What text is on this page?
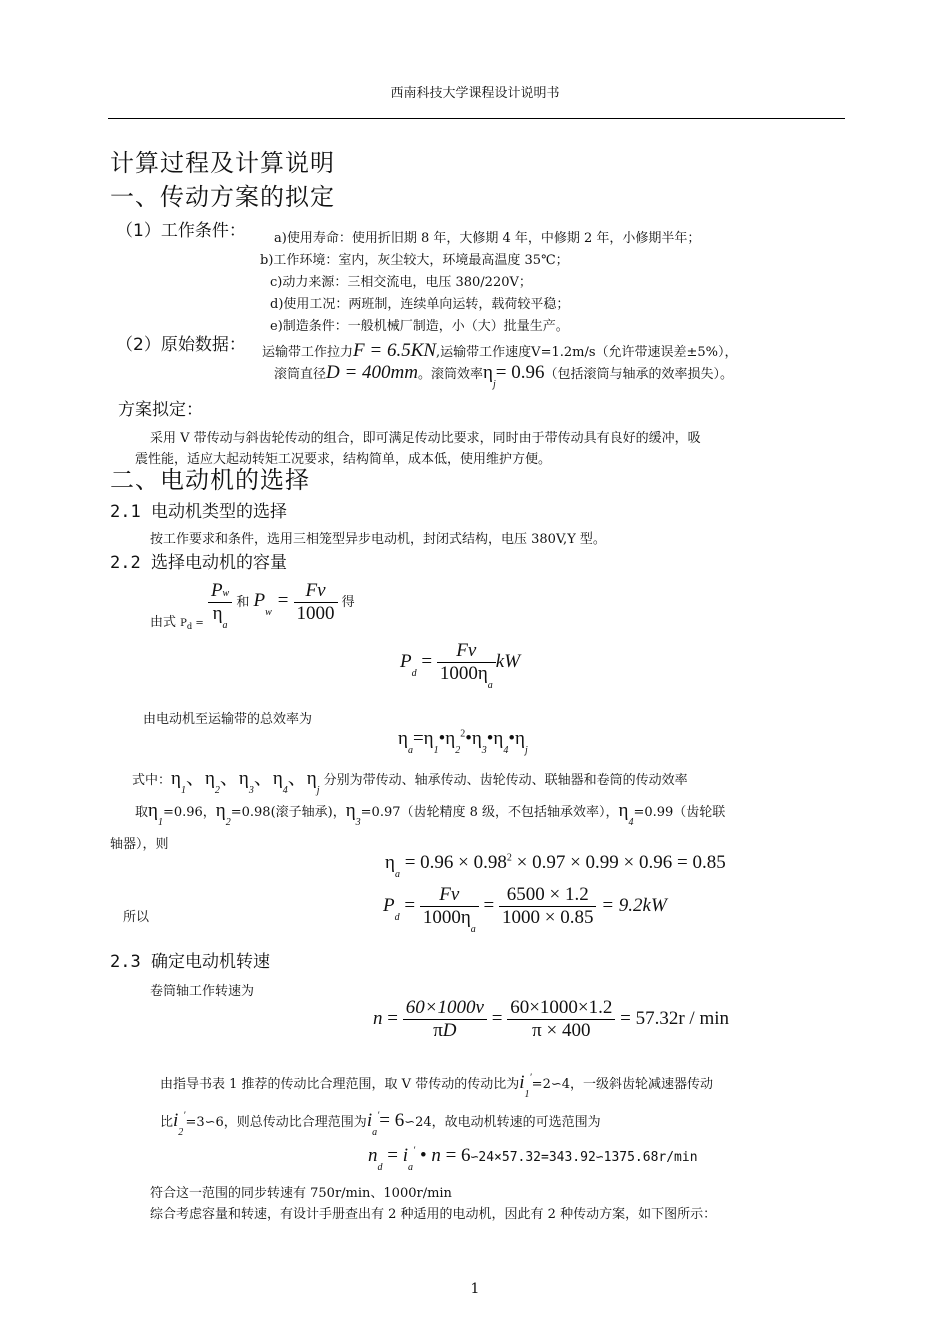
西南科技大学课程设计说明书
计算过程及计算说明
一、传动方案的拟定
（1）工作条件： a)使用寿命：使用折旧期 8 年，大修期 4 年，中修期 2 年，小修期半年；
b)工作环境：室内，灰尘较大，环境最高温度 35℃；
c)动力来源：三相交流电，电压 380/220V；
d)使用工况：两班制，连续单向运转，载荷较平稳；
e)制造条件：一般机械厂制造，小（大）批量生产。
（2）原始数据： 运输带工作拉力F = 6.5KN,运输带工作速度V=1.2m/s（允许带速误差±5%），
滚筒直径D = 400mm。滚筒效率$\eta_j= 0.96$（包括滚筒与轴承的效率损失）。
方案拟定：
采用 V 带传动与斜齿轮传动的组合，即可满足传动比要求，同时由于带传动具有良好的缓冲，吸
震性能，适应大起动转矩工况要求，结构简单，成本低，使用维护方便。
二、电动机的选择
2.1 电动机类型的选择
按工作要求和条件，选用三相笼型异步电动机，封闭式结构，电压 380V,Y 型。
2.2 选择电动机的容量
由式 $_{P_d =} \frac{Pw}{\eta_a}$ 和 $P_w = \frac{Fv}{1000}$ 得
$P_d = \frac{Fv}{1000\eta_a}$ kW
由电动机至运输带的总效率为
$\eta_a=\eta_1•\eta_2^2•\eta_3•\eta_4•\eta_j$
式中：$\eta_1$、$\eta_2$、$\eta_3$、$\eta_4$、$\eta_j$ 分别为带传动、轴承传动、齿轮传动、联轴器和卷筒的传动效率
取$\eta_1=0.96$，$\eta_2=0.98$(滚子轴承)，$\eta_3=0.97$（齿轮精度 8 级，不包括轴承效率），$\eta_4=0.99$（齿轮联
轴器），则
$\eta_a = 0.96 \times 0.98^2 \times 0.97 \times 0.99 \times 0.96 = 0.85$
所以
$P_d = \frac{Fv}{1000\eta_a} = \frac{6500 \times 1.2}{1000 \times 0.85} = 9.2kW$
2.3 确定电动机转速
卷筒轴工作转速为
$n = \frac{60\times 1000v}{\pi D} = \frac{60\times 1000\times 1.2}{\pi \times 400} = 57.32r / \min$
由指导书表 1 推荐的传动比合理范围，取 V 带传动的传动比为$i_1'=2∽4$，一级斜齿轮减速器传动
比$i_2'=3∽6$，则总传动比合理范围为$i_a'=$ 6∽24，故电动机转速的可选范围为
$n_d = i_a'$ • n = 6∽24×57.32=343.92∽1375.68r/min
符合这一范围的同步转速有 750r/min、1000r/min
综合考虑容量和转速，有设计手册查出有 2 种适用的电动机，因此有 2 种传动方案，如下图所示：
1
